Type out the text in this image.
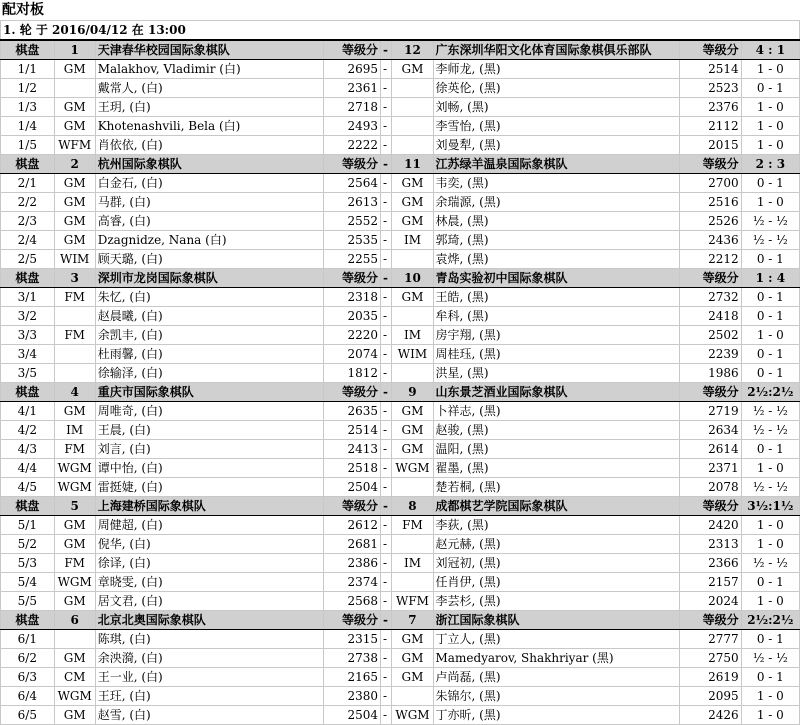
配对板
1. 轮 于 2016/04/12 在 13:00								
棋盘	1	天津春华校园国际象棋队	等级分	-	12	广东深圳华阳文化体育国际象棋俱乐部队	等级分	4 : 1
1/1	GM	Malakhov, Vladimir (白)	2695	-	GM	李师龙, (黑)	2514	1 - 0
1/2		戴常人, (白)	2361	-		徐英伦, (黑)	2523	0 - 1
1/3	GM	王玥, (白)	2718	-		刘畅, (黑)	2376	1 - 0
1/4	GM	Khotenashvili, Bela (白)	2493	-		李雪怡, (黑)	2112	1 - 0
1/5	WFM	肖依依, (白)	2222	-		刘曼犁, (黑)	2015	1 - 0
棋盘	2	杭州国际象棋队	等级分	-	11	江苏绿羊温泉国际象棋队	等级分	2 : 3
2/1	GM	白金石, (白)	2564	-	GM	韦奕, (黑)	2700	0 - 1
2/2	GM	马群, (白)	2613	-	GM	余瑞源, (黑)	2516	1 - 0
2/3	GM	高睿, (白)	2552	-	GM	林晨, (黑)	2526	½ - ½
2/4	GM	Dzagnidze, Nana (白)	2535	-	IM	郭琦, (黑)	2436	½ - ½
2/5	WIM	顾天璐, (白)	2255	-		袁烨, (黑)	2212	0 - 1
棋盘	3	深圳市龙岗国际象棋队	等级分	-	10	青岛实验初中国际象棋队	等级分	1 : 4
3/1	FM	朱忆, (白)	2318	-	GM	王皓, (黑)	2732	0 - 1
3/2		赵晨曦, (白)	2035	-		牟科, (黑)	2418	0 - 1
3/3	FM	余凯丰, (白)	2220	-	IM	房宇翔, (黑)	2502	1 - 0
3/4		杜雨馨, (白)	2074	-	WIM	周桂珏, (黑)	2239	0 - 1
3/5		徐输泽, (白)	1812	-		洪星, (黑)	1986	0 - 1
棋盘	4	重庆市国际象棋队	等级分	-	9	山东景芝酒业国际象棋队	等级分	2½:2½
4/1	GM	周唯奇, (白)	2635	-	GM	卜祥志, (黑)	2719	½ - ½
4/2	IM	王晨, (白)	2514	-	GM	赵骏, (黑)	2634	½ - ½
4/3	FM	刘言, (白)	2413	-	GM	温阳, (黑)	2614	0 - 1
4/4	WGM	谭中怡, (白)	2518	-	WGM	翟墨, (黑)	2371	1 - 0
4/5	WGM	雷挺婕, (白)	2504	-		楚若桐, (黑)	2078	½ - ½
棋盘	5	上海建桥国际象棋队	等级分	-	8	成都棋艺学院国际象棋队	等级分	3½:1½
5/1	GM	周健超, (白)	2612	-	FM	李荻, (黑)	2420	1 - 0
5/2	GM	倪华, (白)	2681	-		赵元赫, (黑)	2313	1 - 0
5/3	FM	徐译, (白)	2386	-	IM	刘冠初, (黑)	2366	½ - ½
5/4	WGM	章晓雯, (白)	2374	-		任肖伊, (黑)	2157	0 - 1
5/5	GM	居文君, (白)	2568	-	WFM	李芸杉, (黑)	2024	1 - 0
棋盘	6	北京北奥国际象棋队	等级分	-	7	浙江国际象棋队	等级分	2½:2½
6/1		陈琪, (白)	2315	-	GM	丁立人, (黑)	2777	0 - 1
6/2	GM	余泱漪, (白)	2738	-	GM	Mamedyarov, Shakhriyar (黑)	2750	½ - ½
6/3	CM	王一业, (白)	2165	-	GM	卢尚磊, (黑)	2619	0 - 1
6/4	WGM	王玨, (白)	2380	-		朱锦尔, (黑)	2095	1 - 0
6/5	GM	赵雪, (白)	2504	-	WGM	丁亦昕, (黑)	2426	1 - 0
